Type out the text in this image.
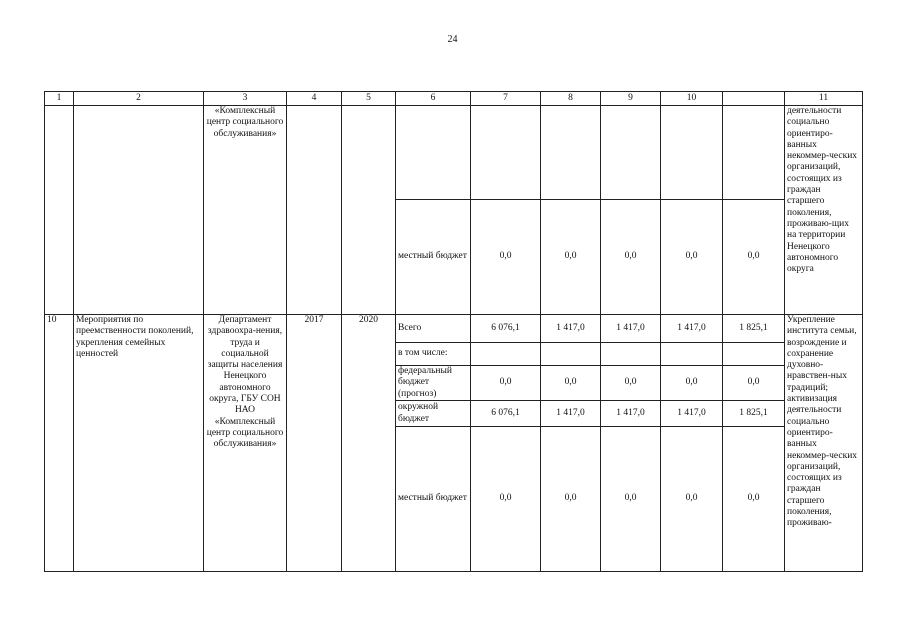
24
1	2	3	4	5	6	7	8	9	10		11
		«Комплексный центр социального обслуживания»									деятельности социально ориентиро-ванных некоммер-ческих организаций, состоящих из граждан старшего поколения, проживаю-щих на территории Ненецкого автономного округа
					местный бюджет	0,0	0,0	0,0	0,0	0,0	
10	Мероприятия по преемственности поколений, укрепления семейных ценностей	Департамент здравоохра-нения, труда и социальной защиты населения Ненецкого автономного округа, ГБУ СОН НАО «Комплексный центр социального обслуживания»	2017	2020	Всего	6 076,1	1 417,0	1 417,0	1 417,0	1 825,1	Укрепление института семьи, возрождение и сохранение духовно-нравствен-ных традиций; активизация деятельности социально ориентиро-ванных некоммер-ческих организаций, состоящих из граждан старшего поколения, проживаю-
					в том числе:						
					федеральный бюджет (прогноз)	0,0	0,0	0,0	0,0	0,0	
					окружной бюджет	6 076,1	1 417,0	1 417,0	1 417,0	1 825,1	
					местный бюджет	0,0	0,0	0,0	0,0	0,0	
